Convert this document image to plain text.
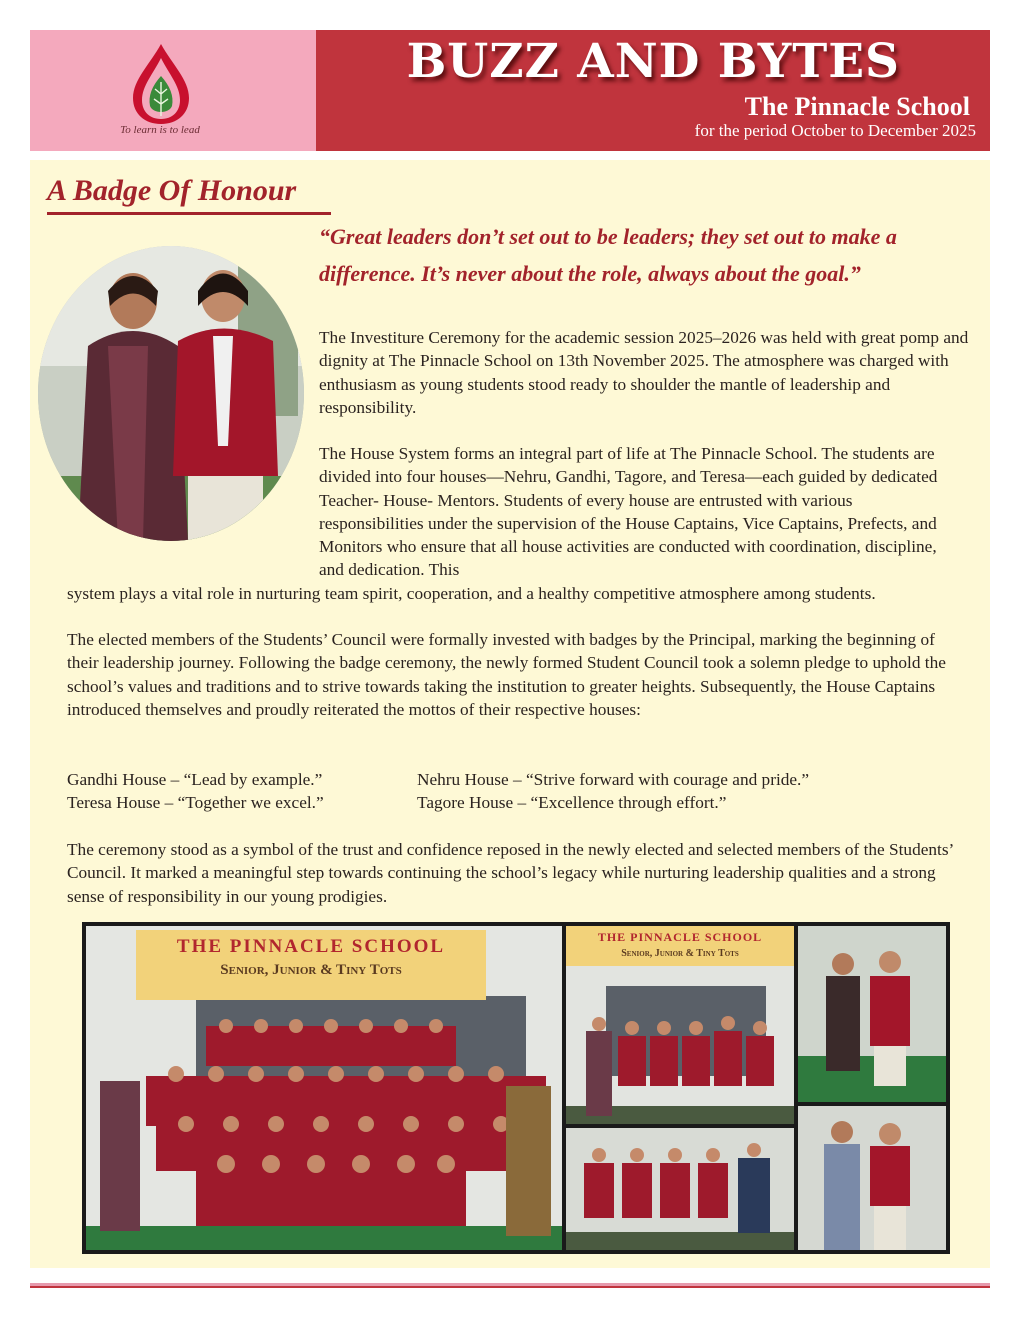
To learn is to lead
BUZZ AND BYTES
The Pinnacle School
for the period October to December 2025
A Badge Of Honour
“Great leaders don’t set out to be leaders; they set out to make a difference. It’s never about the role, always about the goal.”
The Investiture Ceremony for the academic session 2025–2026 was held with great pomp and dignity at The Pinnacle School on 13th November 2025. The atmosphere was charged with enthusiasm as young students stood ready to shoulder the mantle of leadership and responsibility.
The House System forms an integral part of life at The Pinnacle School. The students are divided into four houses—Nehru, Gandhi, Tagore, and Teresa—each guided by dedicated Teacher- House- Mentors. Students of every house are entrusted with various responsibilities under the supervision of the House Captains, Vice Captains, Prefects, and Monitors who ensure that all house activities are conducted with coordination, discipline, and dedication. This
system plays a vital role in nurturing team spirit, cooperation, and a healthy competitive atmosphere among students.
The elected members of the Students’ Council were formally invested with badges by the Principal, marking the beginning of their leadership journey. Following the badge ceremony, the newly formed Student Council took a solemn pledge to uphold the school’s values and traditions and to strive towards taking the institution to greater heights. Subsequently, the House Captains introduced themselves and proudly reiterated the mottos of their respective houses:
Gandhi House – “Lead by example.”	Nehru House – “Strive forward with courage and pride.”
Teresa House – “Together we excel.”	Tagore House – “Excellence through effort.”
The ceremony stood as a symbol of the trust and confidence reposed in the newly elected and selected members of the Students’ Council. It marked a meaningful step towards continuing the school’s legacy while nurturing leadership qualities and a strong sense of responsibility in our young prodigies.
THE PINNACLE SCHOOL
Senior, Junior & Tiny Tots
THE PINNACLE SCHOOL
Senior, Junior & Tiny Tots
